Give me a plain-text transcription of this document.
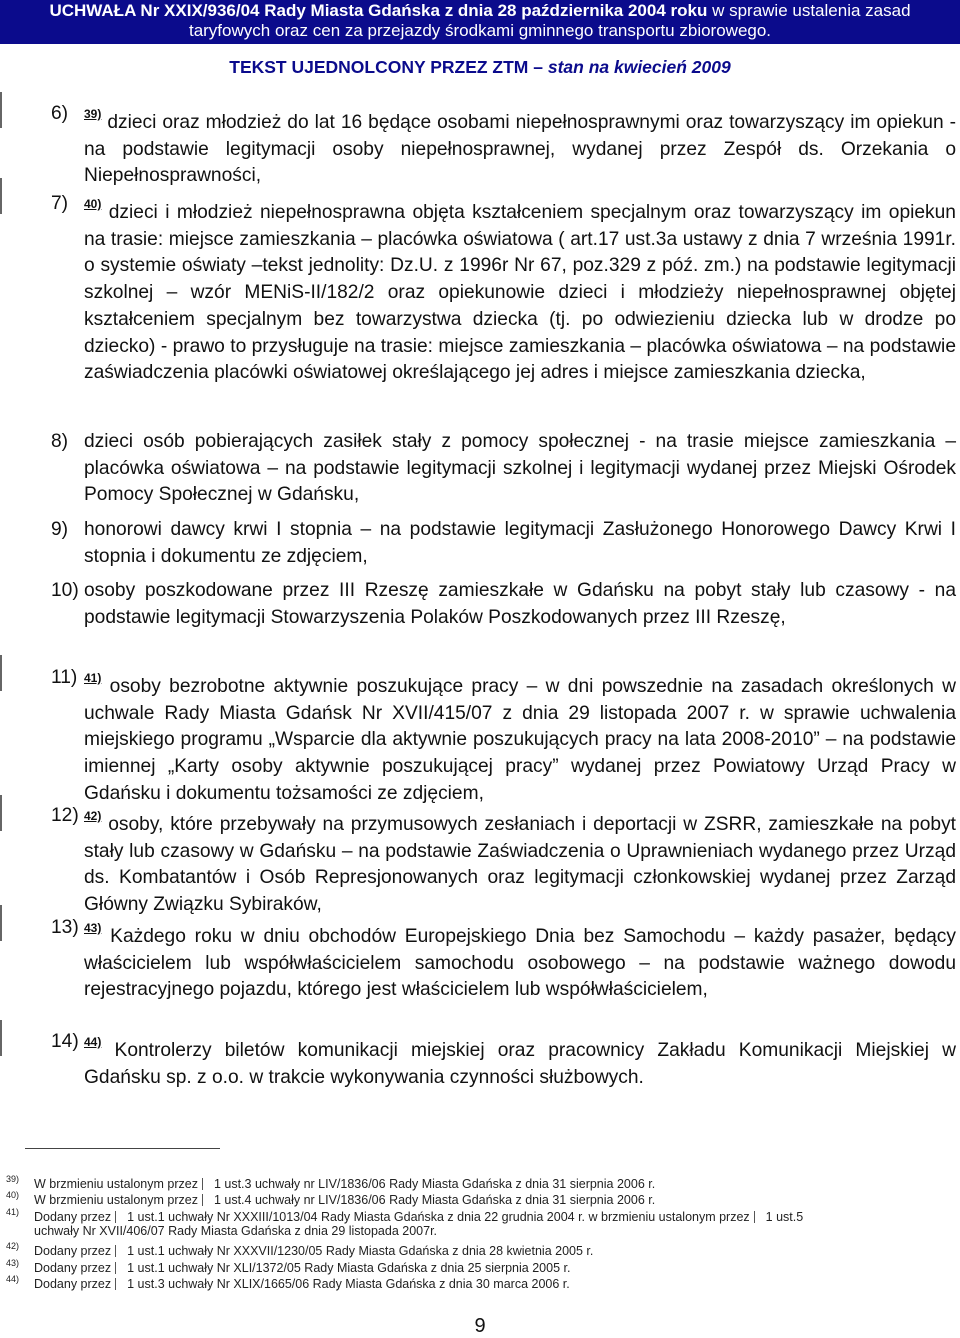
UCHWAŁA Nr XXIX/936/04 Rady Miasta Gdańska z dnia 28 października 2004 roku w sprawie ustalenia zasad
taryfowych oraz cen za przejazdy środkami gminnego transportu zbiorowego.
TEKST UJEDNOLCONY PRZEZ ZTM – stan na kwiecień 2009
6) $^{39)}$ dzieci oraz młodzież do lat 16 będące osobami niepełnosprawnymi oraz towarzyszący im opiekun - na podstawie legitymacji osoby niepełnosprawnej, wydanej przez Zespół ds. Orzekania o Niepełnosprawności,
7) $^{40)}$ dzieci i młodzież niepełnosprawna objęta kształceniem specjalnym oraz towarzyszący im opiekun na trasie: miejsce zamieszkania – placówka oświatowa ( art.17 ust.3a ustawy z dnia 7 września 1991r. o systemie oświaty –tekst jednolity: Dz.U. z 1996r Nr 67, poz.329 z póź. zm.) na podstawie legitymacji szkolnej – wzór MENiS-II/182/2 oraz opiekunowie dzieci i młodzieży niepełnosprawnej objętej kształceniem specjalnym bez towarzystwa dziecka (tj. po odwiezieniu dziecka lub w drodze po dziecko) - prawo to przysługuje na trasie: miejsce zamieszkania – placówka oświatowa – na podstawie zaświadczenia placówki oświatowej określającego jej adres i miejsce zamieszkania dziecka,
8) dzieci osób pobierających zasiłek stały z pomocy społecznej - na trasie miejsce zamieszkania – placówka oświatowa – na podstawie legitymacji szkolnej i legitymacji wydanej przez Miejski Ośrodek Pomocy Społecznej w Gdańsku,
9) honorowi dawcy krwi I stopnia – na podstawie legitymacji Zasłużonego Honorowego Dawcy Krwi I stopnia i dokumentu ze zdjęciem,
10) osoby poszkodowane przez III Rzeszę zamieszkałe w Gdańsku na pobyt stały lub czasowy - na podstawie legitymacji Stowarzyszenia Polaków Poszkodowanych przez III Rzeszę,
11) $^{41)}$ osoby bezrobotne aktywnie poszukujące pracy – w dni powszednie na zasadach określonych w uchwale Rady Miasta Gdańsk Nr XVII/415/07 z dnia 29 listopada 2007 r. w sprawie uchwalenia miejskiego programu „Wsparcie dla aktywnie poszukujących pracy na lata 2008-2010” – na podstawie imiennej „Karty osoby aktywnie poszukującej pracy” wydanej przez Powiatowy Urząd Pracy w Gdańsku i dokumentu tożsamości ze zdjęciem,
12) $^{42)}$ osoby, które przebywały na przymusowych zesłaniach i deportacji w ZSRR, zamieszkałe na pobyt stały lub czasowy w Gdańsku – na podstawie Zaświadczenia o Uprawnieniach wydanego przez Urząd ds. Kombatantów i Osób Represjonowanych oraz legitymacji członkowskiej wydanej przez Zarząd Główny Związku Sybiraków,
13) $^{43)}$ Każdego roku w dniu obchodów Europejskiego Dnia bez Samochodu – każdy pasażer, będący właścicielem lub współwłaścicielem samochodu osobowego – na podstawie ważnego dowodu rejestracyjnego pojazdu, którego jest właścicielem lub współwłaścicielem,
14) $^{44)}$ Kontrolerzy biletów komunikacji miejskiej oraz pracownicy Zakładu Komunikacji Miejskiej w Gdańsku sp. z o.o. w trakcie wykonywania czynności służbowych.
39) W brzmieniu ustalonym przez 1 ust.3 uchwały nr LIV/1836/06 Rady Miasta Gdańska z dnia 31 sierpnia 2006 r.
40) W brzmieniu ustalonym przez 1 ust.4 uchwały nr LIV/1836/06 Rady Miasta Gdańska z dnia 31 sierpnia 2006 r.
41) Dodany przez 1 ust.1 uchwały Nr XXXIII/1013/04 Rady Miasta Gdańska z dnia 22 grudnia 2004 r. w brzmieniu ustalonym przez 1 ust.5
uchwały Nr XVII/406/07 Rady Miasta Gdańska z dnia 29 listopada 2007r.
42) Dodany przez 1 ust.1 uchwały Nr XXXVII/1230/05 Rady Miasta Gdańska z dnia 28 kwietnia 2005 r.
43) Dodany przez 1 ust.1 uchwały Nr XLI/1372/05 Rady Miasta Gdańska z dnia 25 sierpnia 2005 r.
44) Dodany przez 1 ust.3 uchwały Nr XLIX/1665/06 Rady Miasta Gdańska z dnia 30 marca 2006 r.
9
